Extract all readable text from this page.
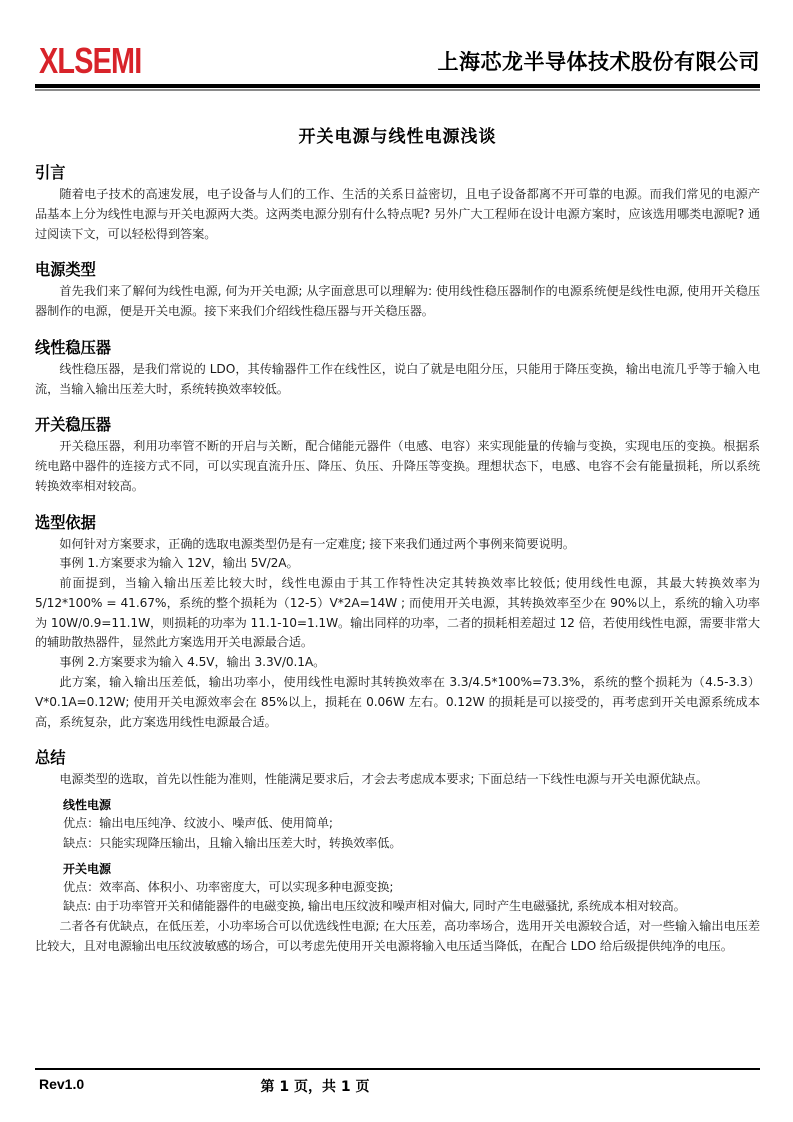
XLSEMI	上海芯龙半导体技术股份有限公司
开关电源与线性电源浅谈
引言

随着电子技术的高速发展，电子设备与人们的工作、生活的关系日益密切，且电子设备都离不开可靠的电源。而我们常见的电源产品基本上分为线性电源与开关电源两大类。这两类电源分别有什么特点呢? 另外广大工程师在设计电源方案时，应该选用哪类电源呢? 通过阅读下文，可以轻松得到答案。

电源类型

首先我们来了解何为线性电源, 何为开关电源; 从字面意思可以理解为: 使用线性稳压器制作的电源系统便是线性电源, 使用开关稳压器制作的电源，便是开关电源。接下来我们介绍线性稳压器与开关稳压器。

线性稳压器

线性稳压器，是我们常说的 LDO，其传输器件工作在线性区，说白了就是电阻分压，只能用于降压变换，输出电流几乎等于输入电流，当输入输出压差大时，系统转换效率较低。

开关稳压器

开关稳压器，利用功率管不断的开启与关断，配合储能元器件（电感、电容）来实现能量的传输与变换，实现电压的变换。根据系统电路中器件的连接方式不同，可以实现直流升压、降压、负压、升降压等变换。理想状态下，电感、电容不会有能量损耗，所以系统转换效率相对较高。

选型依据

如何针对方案要求，正确的选取电源类型仍是有一定难度; 接下来我们通过两个事例来简要说明。

事例 1.方案要求为输入 12V，输出 5V/2A。

前面提到，当输入输出压差比较大时，线性电源由于其工作特性决定其转换效率比较低; 使用线性电源，其最大转换效率为 5/12*100% = 41.67%，系统的整个损耗为（12-5）V*2A=14W ; 而使用开关电源，其转换效率至少在 90%以上，系统的输入功率为 10W/0.9=11.1W，则损耗的功率为 11.1-10=1.1W。输出同样的功率，二者的损耗相差超过 12 倍，若使用线性电源，需要非常大的辅助散热器件，显然此方案选用开关电源最合适。

事例 2.方案要求为输入 4.5V，输出 3.3V/0.1A。

此方案，输入输出压差低，输出功率小，使用线性电源时其转换效率在 3.3/4.5*100%=73.3%，系统的整个损耗为（4.5-3.3）V*0.1A=0.12W; 使用开关电源效率会在 85%以上，损耗在 0.06W 左右。0.12W 的损耗是可以接受的，再考虑到开关电源系统成本高，系统复杂，此方案选用线性电源最合适。

总结

电源类型的选取，首先以性能为准则，性能满足要求后，才会去考虑成本要求; 下面总结一下线性电源与开关电源优缺点。

线性电源

优点：输出电压纯净、纹波小、噪声低、使用简单;

缺点：只能实现降压输出，且输入输出压差大时，转换效率低。

开关电源

优点：效率高、体积小、功率密度大，可以实现多种电源变换;

缺点: 由于功率管开关和储能器件的电磁变换, 输出电压纹波和噪声相对偏大, 同时产生电磁骚扰, 系统成本相对较高。

二者各有优缺点，在低压差，小功率场合可以优选线性电源; 在大压差，高功率场合，选用开关电源较合适，对一些输入输出电压差比较大，且对电源输出电压纹波敏感的场合，可以考虑先使用开关电源将输入电压适当降低，在配合 LDO 给后级提供纯净的电压。

Rev1.0	第 1 页，共 1 页
